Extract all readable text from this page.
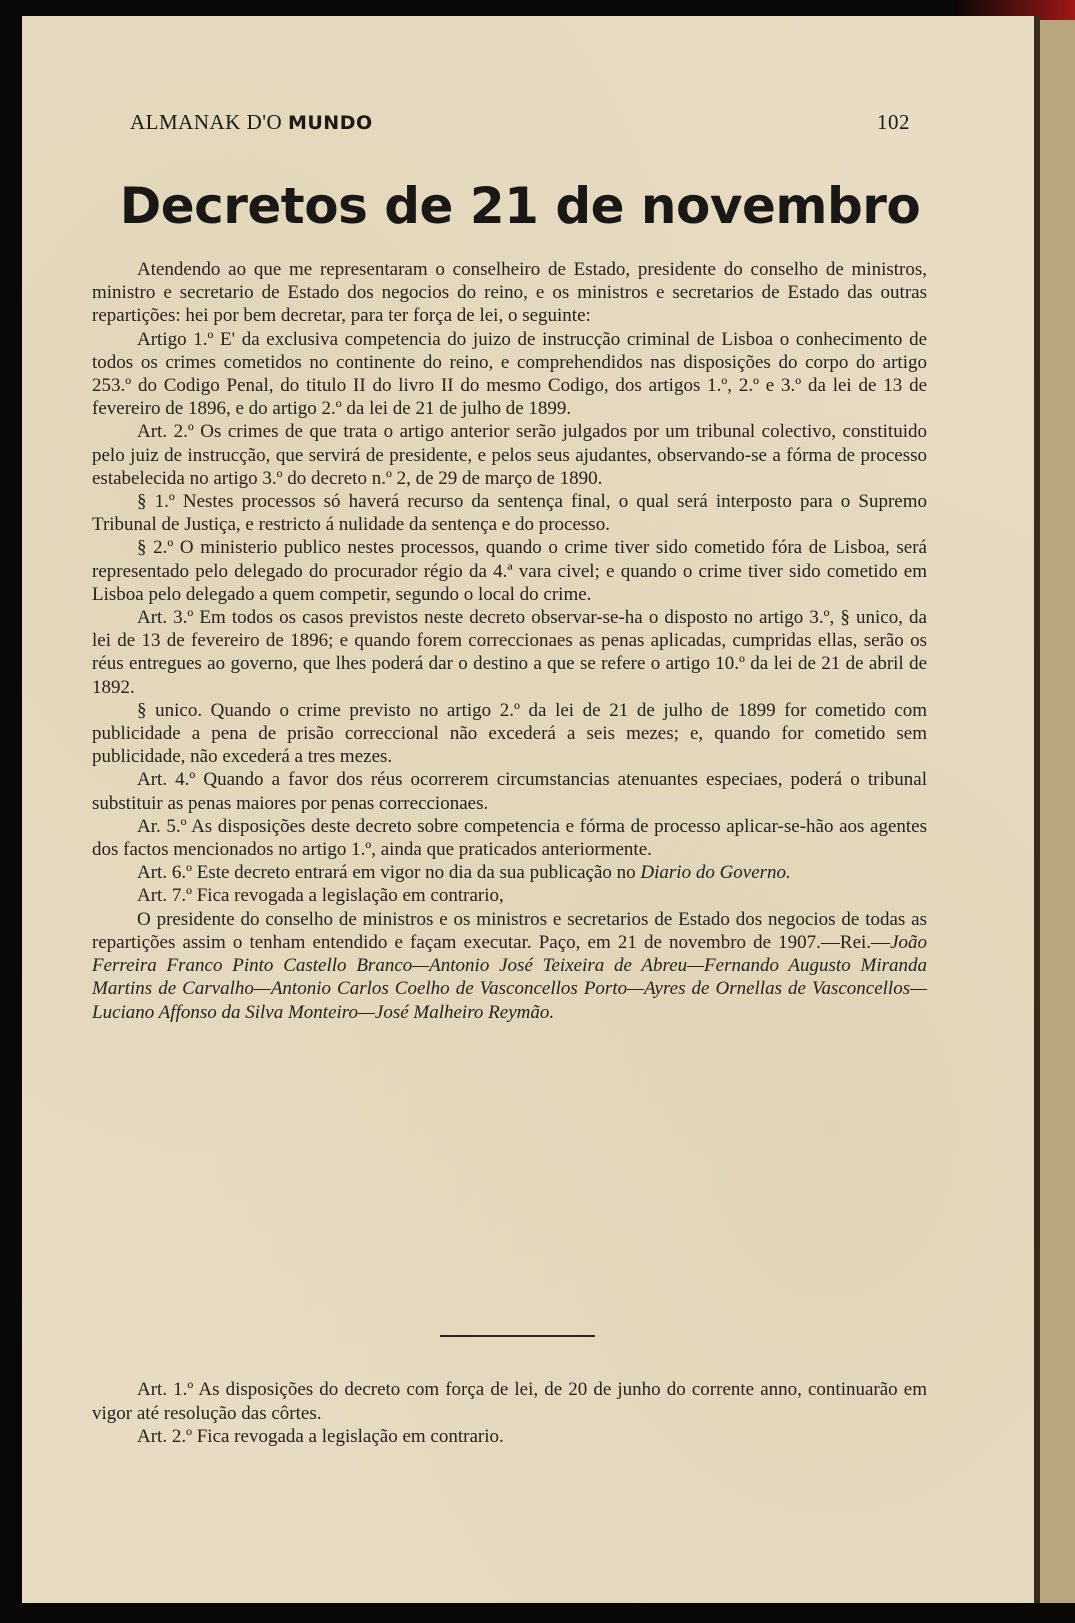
ALMANAK D'O MUNDO	102
Decretos de 21 de novembro

Atendendo ao que me representaram o conselheiro de Estado, presidente do conselho de ministros, ministro e secretario de Estado dos negocios do reino, e os ministros e secretarios de Estado das outras repartições: hei por bem decretar, para ter força de lei, o seguinte:

Artigo 1.º E' da exclusiva competencia do juizo de instrucção criminal de Lisboa o conhecimento de todos os crimes cometidos no continente do reino, e comprehendidos nas disposições do corpo do artigo 253.º do Codigo Penal, do titulo II do livro II do mesmo Codigo, dos artigos 1.º, 2.º e 3.º da lei de 13 de fevereiro de 1896, e do artigo 2.º da lei de 21 de julho de 1899.

Art. 2.º Os crimes de que trata o artigo anterior serão julgados por um tribunal colectivo, constituido pelo juiz de instrucção, que servirá de presidente, e pelos seus ajudantes, observando-se a fórma de processo estabelecida no artigo 3.º do decreto n.º 2, de 29 de março de 1890.

§ 1.º Nestes processos só haverá recurso da sentença final, o qual será interposto para o Supremo Tribunal de Justiça, e restricto á nulidade da sentença e do processo.

§ 2.º O ministerio publico nestes processos, quando o crime tiver sido cometido fóra de Lisboa, será representado pelo delegado do procurador régio da 4.ª vara civel; e quando o crime tiver sido cometido em Lisboa pelo delegado a quem competir, segundo o local do crime.

Art. 3.º Em todos os casos previstos neste decreto observar-se-ha o disposto no artigo 3.º, § unico, da lei de 13 de fevereiro de 1896; e quando forem correccionaes as penas aplicadas, cumpridas ellas, serão os réus entregues ao governo, que lhes poderá dar o destino a que se refere o artigo 10.º da lei de 21 de abril de 1892.

§ unico. Quando o crime previsto no artigo 2.º da lei de 21 de julho de 1899 for cometido com publicidade a pena de prisão correccional não excederá a seis mezes; e, quando for cometido sem publicidade, não excederá a tres mezes.

Art. 4.º Quando a favor dos réus ocorrerem circumstancias atenuantes especiaes, poderá o tribunal substituir as penas maiores por penas correccionaes.

Ar. 5.º As disposições deste decreto sobre competencia e fórma de processo aplicar-se-hão aos agentes dos factos mencionados no artigo 1.º, ainda que praticados anteriormente.

Art. 6.º Este decreto entrará em vigor no dia da sua publicação no Diario do Governo.

Art. 7.º Fica revogada a legislação em contrario,

O presidente do conselho de ministros e os ministros e secretarios de Estado dos negocios de todas as repartições assim o tenham entendido e façam executar. Paço, em 21 de novembro de 1907.—Rei.—João Ferreira Franco Pinto Castello Branco—Antonio José Teixeira de Abreu—Fernando Augusto Miranda Martins de Carvalho—Antonio Carlos Coelho de Vasconcellos Porto—Ayres de Ornellas de Vasconcellos—Luciano Affonso da Silva Monteiro—José Malheiro Reymão.

Art. 1.º As disposições do decreto com força de lei, de 20 de junho do corrente anno, continuarão em vigor até resolução das côrtes.

Art. 2.º Fica revogada a legislação em contrario.
